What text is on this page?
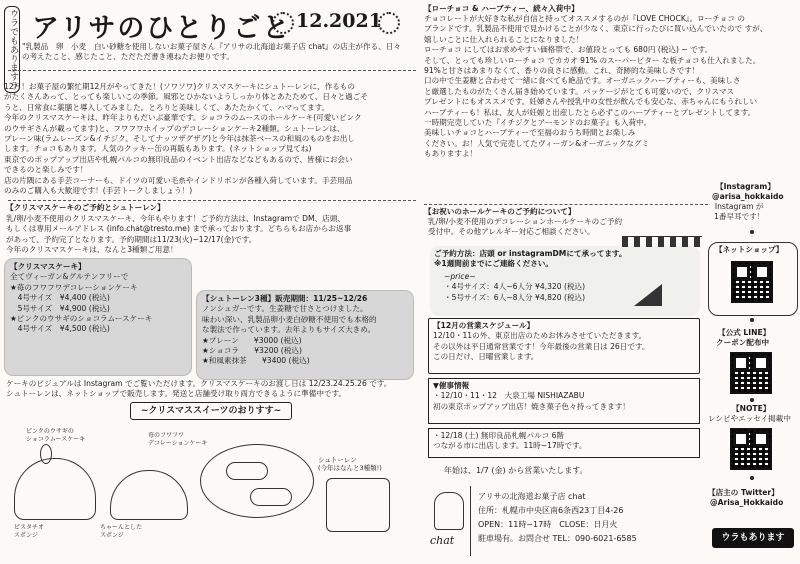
ウラでもありますラ アリサのひとりごと 12.2021
"乳製品　卵　小麦　白い砂糖を使用しないお菓子屋さん『アリサの北海道お菓子店 chat』の店主が作る、日々
の考えたこと、感じたこと、ただただ書き連ねたお便りです。
12月！お菓子屋の繁忙期12月がやってきた！(ソワソワ)クリスマスケーキにシュトーレンに、作るもの
がたくさんあって、とっても楽しいこの季節。風邪とひかないようしっかり体とあたためて、日々と過ごそ
うと、日常食に薬膳と導入してみました。とろりと美味しくて、あたたかくて、ハマってます。
今年のクリスマスケーキは、昨年よりもだいぶ豪華です。ショコラのムースのホールケーキ(可愛いピンク
のウサギさんが載ってます)と、フワフワホイップのデコレーションケーキ2種類。シュトーレンは、
プレーン味(ラムレーズン&イチジク、そしてナッツザグザグ)と今年は抹茶ベースの和風のものをお出し
します。チョコもあります。人気のクッキー缶の再販もあります。(ネットショップ見てね)
東京でのポップアップ出店や札幌パルコの無印良品のイベント出店などなどもあるので、皆様にお会い
できるのと楽しみです！
店の片隅にある手芸コーナーも、ドイツの可愛い毛糸やインドリボンが各種入荷しています。手芸用品
のみのご購入も大歓迎です！(手芸トークしましょう！)
【クリスマスケーキのご予約とシュトーレン】
乳/卵/小麦不使用のクリスマスケーキ、今年もやります！ご予約方法は、Instagramで DM、店頭、
もしくは専用メールアドレス (info.chat@tresto.me) まで承っております。どちらもお店からお返事
があって、予約完了となります。予約期間は11/23(火)~12/17(金)です。
今年のクリスマスケーキは、なんと3種類ご用意！
【クリスマスケーキ】
全てヴィーガン&グルテンフリーで
★苺のフワフワデコレーションケーキ
　4号サイズ　¥4,400 (税込)
　5号サイズ　¥4,900 (税込)
★ピンクのウサギのショコラムースケーキ
　4号サイズ　¥4,500 (税込)
【シュトーレン3種】販売期間：11/25~12/26
ノンシュガーです。生姜糖で甘さとつけました。
味わい深い、乳製品卵小麦白砂糖不使用でも本格的
な製法で作っています。去年よりもサイズ大きめ。
★プレーン　　¥3000 (税込)
★ショコラ　　¥3200 (税込)
★和風素抹茶　　¥3400 (税込)
ケーキのビジュアルは Instagram でご覧いただけます。クリスマスケーキのお渡し日は 12/23.24.25.26 です。
シュトーレンは、ネットショップで販売します。発送と店舗受け取り両方できるように準備中です。
~クリスマススイーツのおりすす~
ピンクのウサギの
ショコラムースケーキ
ピスタチオ
スポンジ
苺のフワフワ
デコレーションケーキ
ちゃーんとした
スポンジ
シュトーレン
(今年はなんと3種類!)
【ローチョコ & ハーブティー、続々入荷中】
チョコレートが大好きな私が自信と持ってオススメするのが『LOVE CHOCK』。ローチョコ の
ブランドです。乳製品不使用で見かけることが少なく、東京に行ったびに買い込んでいたので すが、
嬉しいことに仕入れられることになりました！
ローチョコ にしてはお求めやすい価格帯で、お値段とっても 680円 (税込) ~ です。
そして、とっても珍しいローチョコ でカカオ 91% のスーパービター な板チョコも仕入れました。
91%と甘さはあまりなくて、香りの良さに感動。これ、奇跡的な美味しさです！
口の中で生姜糖と合わせて一緒に食べても絶品です。オーガニックハーブティーも、美味しさ
と厳選したものがたくさん届き始めています。パッケージがとても可愛いので、クリスマス
プレゼントにもオススメです。妊婦さんや授乳中の女性が飲んでも安心な、赤ちゃんにもうれしい
ハーブティーも！私は、友人が妊娠と出産したとら必ずこのハーブティーとプレゼントしてます。
一時期完売していた『イチジクとアーモンドのお菓子』も入荷中。
美味しいチョコとハーブティーで至福のおうち時間とお楽しみ
ください。お！人気で完売してたヴィーガン&オーガニックなグミ
もありますよ！
【お祝いのホールケーキのご予約について】
乳/卵/小麦不使用のデコレーションホールケーキのご予約
受付中。その他アレルギー対応ご相談ください。
ご予約方法：店頭 or instagramDMにて承ってます。
※1週間前までにご連絡ください。
~price~
・4号サイズ：4人~6人分 ¥4,320 (税込)
・5号サイズ：6人~8人分 ¥4,820 (税込)
【12月の営業スケジュール】
12/10・11の外、東京出店のためお休みさせていただきます。
その以外は平日通常営業です！今年最後の営業日は 26日です。
この日だけ、日曜営業します。
▼催事情報
・12/10・11・12　大泉工場 NISHIAZABU
初の東京ポップアップ出店！焼き菓子色々持ってきます！
・12/18 (土) 無印良品札幌パルコ 6階
つながる市に出店します。11時~17時です。
年始は、1/7 (金) から営業いたします。
chat
アリサの北海道お菓子店 chat
住所：札幌市中央区南6条西23丁目4-26
OPEN：11時~17時　CLOSE：日月火
駐車場有。お問合せ TEL：090-6021-6585
【Instagram】
@arisa_hokkaido
Instagram が
1番早耳です！
【ネットショップ】
【公式 LINE】
クーポン配布中
【NOTE】
レシピやエッセイ掲載中
【店主の Twitter】
@Arisa_Hokkaido
ウラもあります
